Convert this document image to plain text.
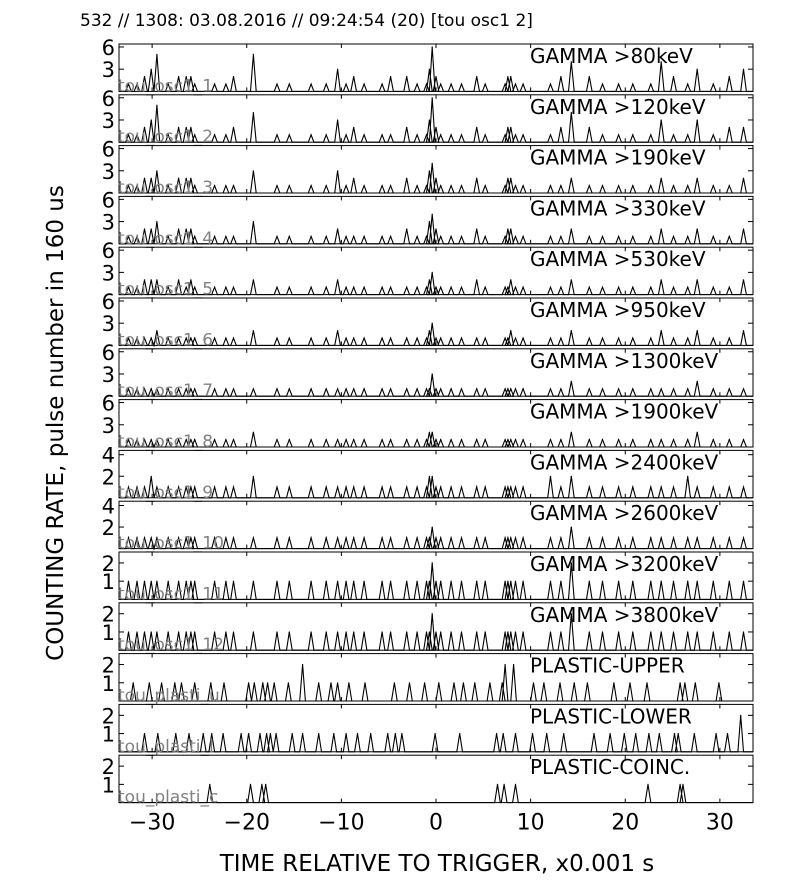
532 // 1308: 03.08.2016 // 09:24:54 (20) [tou osc1 2]
3
6	GAMMA >80keV
tou_osc1_1
3
6	GAMMA >120keV
tou_osc1_2
3
6	GAMMA >190keV
tou_osc1_3
3
6	GAMMA >330keV
tou_osc1_4
3
6	GAMMA >530keV
tou_osc1_5
3
6	GAMMA >950keV
tou_osc1_6
3
6	GAMMA >1300keV
tou_osc1_7
3
6	GAMMA >1900keV
tou_osc1_8
2
4	GAMMA >2400keV
tou_osc1_9
2
4	GAMMA >2600keV
tou_osc1_10
1
2	GAMMA >3200keV
tou_osc1_11
1
2	GAMMA >3800keV
tou_osc1_12
1
2	PLASTIC-UPPER
tou_plasti_u
1
2	PLASTIC-LOWER
tou_plasti_l
1
2	PLASTIC-COINC.
tou_plasti_c
−30 −20 −10	0	10	20	30
TIME RELATIVE TO TRIGGER, x0.001 s
COUNTING RATE, pulse number in 160 us
